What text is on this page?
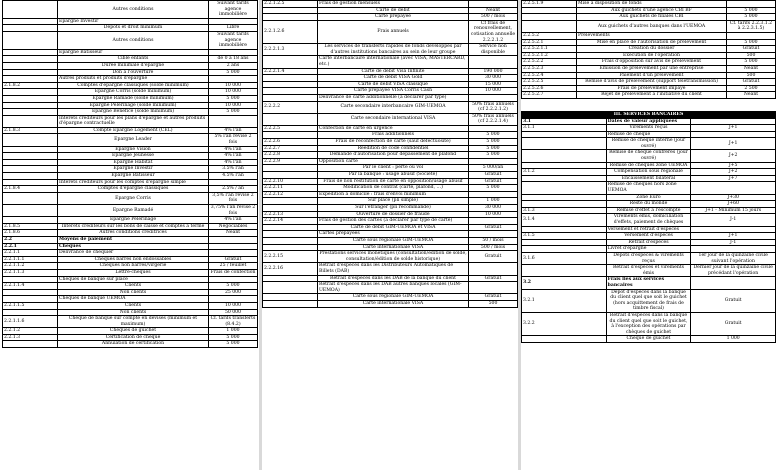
	Autres conditions	Suivant tarifs agence immobilière
	Epargne Investir	
	Dépôts et droit minimum	Libre
	Autres conditions	Suivant tarifs agence immobilière
	Epargne Bâtisseur	
	Cible enfants	de 0 à 18 ans
	Durée minimale d'épargne	2 ans
	Don à l'ouverture	5 000
	Autres produits et produits d'épargne	
2.1.8.2	Comptes d'épargne classiques (solde minimum)	10 000
	Epargne Corris (solde minimum)	10 000
	Epargne Ramadé (solde minimum)	5 000
	Epargne Pèlerinage (solde minimum)	10 000
	Epargne Bénéfice (solde minimum)	5 000
	Intérêts créditeurs pour les plans d'épargne et autres produits d'épargne contractuelle	
2.1.8.3	Compte Epargne Logement (CEL)	4% l'an
	Epargne Leader	5% l'an revisé 2 fois
	Epargne Vision	4% l'an
	Epargne Jeunesse	4% l'an
	Epargne Habitat	4% l'an
	Epargne Investir	3.5% l'an
	Epargne Bâtisseur	4.5% l'an
	Intérêts créditeurs pour les comptes d'épargne simple	
2.1.8.4	Comptes d'épargne classiques	2.5% / an
	Epargne Corris	3,5% l'an revisé 2 fois
	Epargne Ramadé	3,75% l'an revisé 2 fois
	Epargne Pèlerinage	4% l'an
2.1.8.5	Intérêts créditeurs sur les bons de caisse et comptes à terme	Négociables
2.1.8.6	Autres conditions créditrices	Néant
2.2	Moyens de paiement	
2.2.1	Chèques	
2.2.1.1	Délivrance de chéquier	
2.2.1.1.1	Chèques barrés non endossables	Gratuit
2.2.1.1.2	Chèques non barrés/virgerie	25 / feuillet
2.2.1.1.3	Lettre-chèques	Frais de confection
	Chèques de banque sur place	
2.2.1.1.4	Clients	5 000
	Non clients	25 000
	Chèques de banque UEMOA	
2.2.1.1.5	Clients	10 000
	Non clients	50 000
2.2.1.1.6	Chèque de banque sur compte en devises (minimum et maximum)	Cf. tarifs transferts (8.4.2)
2.2.1.2	Chèques de guichet	1 000
2.2.1.3	Certification de chèque	5 000
	Annulation de certification	5 000
2.2.1.2.5	Frais de gestion mensuels	
	Carte de débit	Néant
	Carte prépayée	500 / mois
2.2.1.2.6	Frais annuels	Cf frais de renouvellement, cotisation annuelle 2.2.2.1.2
2.2.2.1.3	Les services de transferts rapides de fonds développés par d'autres institutions bancaires au sein de leur groupe	Service non disponible
	Carte interbancaire internationale (avec VISA, MASTERCARD, etc.)	
2.2.2.1.4	Carte de débit Visa Infinite	190 000
	Carte de débit VISA Gold	30 000
	Carte de débit VISA classique	15 000
	Carte prépayée VISA Corris Cash	10 000
	Délivrance de carte additionnelle (à déclarer par type)	
2.2.2.2	Carte secondaire interbancaire GIM-UEMOA	50% frais annuels (cf 2.2.2.1.2)
	Carte secondaire international VISA	50% frais annuels (cf 2.2.2.1.4)
2.2.2.5	Confection de carte en urgence	
	Frais additionnels	5 000
2.2.2.6	Frais de reconfection de carte (sauf défectuosité)	5 000
2.2.2.7	Réédition de code confidentiel	5 000
2.2.2.8	Demande d'autorisation pour dépassement de plafond	5 000
2.2.2.9	Opposition carte	
	Par le client : perte ou vol	5 000/an
	Par la banque : usage abusif (Société)	Gratuit
2.2.2.10	Frais de non restitution de carte en opposition/usage abusif	Gratuit
2.2.2.11	Modification de contrat (carte, plafond, …)	5 000
2.2.2.12	Expédition à domicile : frais d'envoi minimum	
	Sur place (pli simple)	1 000
	Sur l'étranger (pli recommandé)	30 000
2.2.2.13	Ouverture de dossier de fraude	10 000
2.2.2.14	Frais de gestion des cartes (à déclarer par type de carte)	
	Carte de débit GIM-UEMOA et VISA	Gratuit
	Cartes prépayées	
	Carte sous régionale GIM-UEMOA	50 / mois
	Carte internationale VISA	500 / mois
2.2.2.15	Prestations services monétiques (consultation/édition de solde, consultation/édition de solde historique)	Gratuit
2.2.2.16	Retrait d'espèces dans les Distributeurs Automatiques de Billets (DAB)	
	Retrait d'espèces dans les DAB de la banque du client	Gratuit
	Retrait d'espèces dans les DAB autres banques locales (GIM-UEMOA)	
	Carte sous régionale GIM-UEMOA	Gratuit
	Carte internationale VISA	500
2.2.5.1.9	Mise à disposition de fonds	
	Aux guichets d'une agence CBI BF	5 000
	Aux guichets de filiales CBI	5 000
	Aux guichets d'autres banques dans l'UEMOA	Cf. tarifs 2.2.3.1.2 à 2.2.3.1.5)
2.2.5.2	Prélèvements	
2.2.5.2.1	Mise en place de l'autorisation de prélèvement	5 000
2.2.5.2.1.1	Création du dossier	Gratuit
2.2.5.2.1.2	Exécution de l'opération	500
2.2.5.2.2	Frais d'opposition sur avis de prélèvement	5 000
2.2.5.2.3	Emission de prélèvement par une entreprise	Néant
2.2.5.2.4	Paiement d'un prélèvement	500
2.2.5.2.5	Remise d'avis de prélèvement (support télétransmission)	Gratuit
2.2.5.2.6	Frais de prélèvement impayé	2 500
2.2.5.2.7	Rejet de prélèvement à l'initiative du client	Néant
III. SERVICES BANCAIRES		
3.1	Dates de valeur appliquées	
3.1.1	Virements reçus	J+1
	Remise de chèque	
	Remise de chèque interne (jour ouvré)	J+1
	Remise de chèque confrères (jour ouvré)	J+2
	Remise de chèques zone UEMOA	J+5
3.1.2	Compensation sous régionale	J+2
	Encaissement bilatéral	J+7
	Remise de chèques hors zone UEMOA	
	Zone Euro	J+30
	Reste du monde	J+60
3.1.3	Remise d'effet à l'escompte	J+1 - Minimum 15 jours
3.1.4	Virements émis, domiciliation d'effets, paiement de chèques	J-1
	Versement et retrait d'espèces	
3.1.5	Versement d'espèces	J+1
	Retrait d'espèces	J-1
	Livret d'épargne	
3.1.6	Dépôts d'espèces & virements reçus	1er jour de la quinzaine civile suivant l'opération
	Retrait d'espèces et virements émis	Dernier jour de la quinzaine civile précédant l'opération
3.2	Frais liés aux services bancaires	
3.2.1	Dépôt d'espèces dans la banque du client quel que soit le guichet (hors acquittement de frais de timbre fiscal)	Gratuit
3.2.2	Retrait d'espèces dans la banque du client quel que soit le guichet, à l'exception des opérations par chèques de guichet	Gratuit
	Chèque de guichet	1 000
